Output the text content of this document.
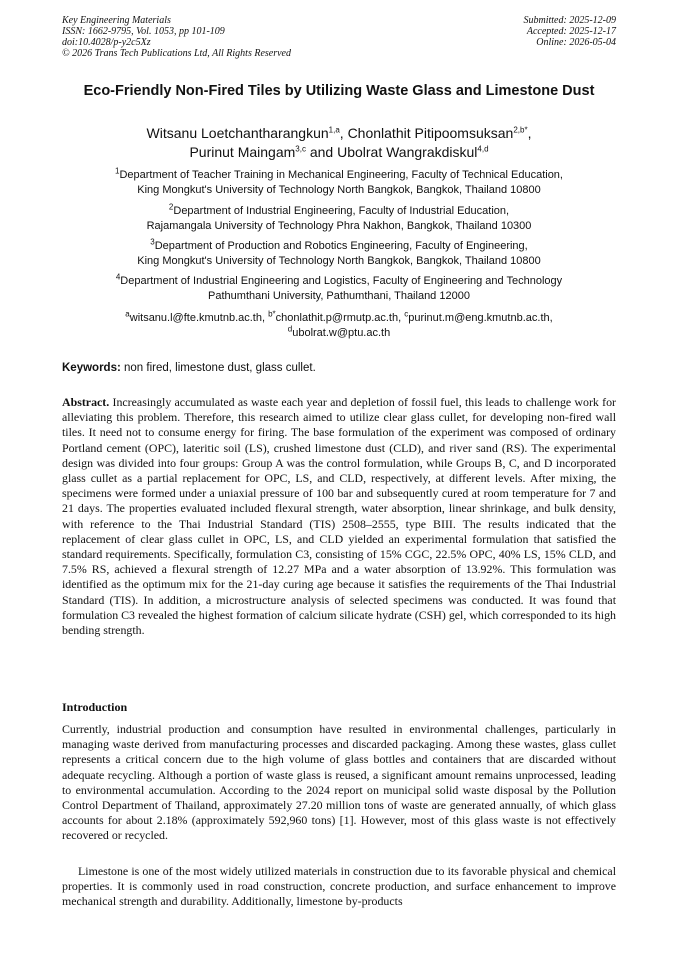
Key Engineering Materials
ISSN: 1662-9795, Vol. 1053, pp 101-109
doi:10.4028/p-y2c5Xz
© 2026 Trans Tech Publications Ltd, All Rights Reserved
Submitted: 2025-12-09
Accepted: 2025-12-17
Online: 2026-05-04
Eco-Friendly Non-Fired Tiles by Utilizing Waste Glass and Limestone Dust
Witsanu Loetchantharangkun$^{1,a}$, Chonlathit Pitipoomsuksan$^{2,b*}$,
Purinut Maingam$^{3,c}$ and Ubolrat Wangrakdiskul$^{4,d}$
$^1$Department of Teacher Training in Mechanical Engineering, Faculty of Technical Education,
King Mongkut's University of Technology North Bangkok, Bangkok, Thailand 10800
$^2$Department of Industrial Engineering, Faculty of Industrial Education,
Rajamangala University of Technology Phra Nakhon, Bangkok, Thailand 10300
$^3$Department of Production and Robotics Engineering, Faculty of Engineering,
King Mongkut's University of Technology North Bangkok, Bangkok, Thailand 10800
$^4$Department of Industrial Engineering and Logistics, Faculty of Engineering and Technology
Pathumthani University, Pathumthani, Thailand 12000
$^a$witsanu.l@fte.kmutnb.ac.th, $^{b*}$chonlathit.p@rmutp.ac.th, $^c$purinut.m@eng.kmutnb.ac.th,
$^d$ubolrat.w@ptu.ac.th
Keywords: non fired, limestone dust, glass cullet.
Abstract. Increasingly accumulated as waste each year and depletion of fossil fuel, this leads to challenge work for alleviating this problem. Therefore, this research aimed to utilize clear glass cullet, for developing non-fired wall tiles. It need not to consume energy for firing. The base formulation of the experiment was composed of ordinary Portland cement (OPC), lateritic soil (LS), crushed limestone dust (CLD), and river sand (RS). The experimental design was divided into four groups: Group A was the control formulation, while Groups B, C, and D incorporated glass cullet as a partial replacement for OPC, LS, and CLD, respectively, at different levels. After mixing, the specimens were formed under a uniaxial pressure of 100 bar and subsequently cured at room temperature for 7 and 21 days. The properties evaluated included flexural strength, water absorption, linear shrinkage, and bulk density, with reference to the Thai Industrial Standard (TIS) 2508–2555, type BIII. The results indicated that the replacement of clear glass cullet in OPC, LS, and CLD yielded an experimental formulation that satisfied the standard requirements. Specifically, formulation C3, consisting of 15% CGC, 22.5% OPC, 40% LS, 15% CLD, and 7.5% RS, achieved a flexural strength of 12.27 MPa and a water absorption of 13.92%. This formulation was identified as the optimum mix for the 21-day curing age because it satisfies the requirements of the Thai Industrial Standard (TIS). In addition, a microstructure analysis of selected specimens was conducted. It was found that formulation C3 revealed the highest formation of calcium silicate hydrate (CSH) gel, which corresponded to its high bending strength.
Introduction
Currently, industrial production and consumption have resulted in environmental challenges, particularly in managing waste derived from manufacturing processes and discarded packaging. Among these wastes, glass cullet represents a critical concern due to the high volume of glass bottles and containers that are discarded without adequate recycling. Although a portion of waste glass is reused, a significant amount remains unprocessed, leading to environmental accumulation. According to the 2024 report on municipal solid waste disposal by the Pollution Control Department of Thailand, approximately 27.20 million tons of waste are generated annually, of which glass accounts for about 2.18% (approximately 592,960 tons) [1]. However, most of this glass waste is not effectively recovered or recycled.
Limestone is one of the most widely utilized materials in construction due to its favorable physical and chemical properties. It is commonly used in road construction, concrete production, and surface enhancement to improve mechanical strength and durability. Additionally, limestone by-products
